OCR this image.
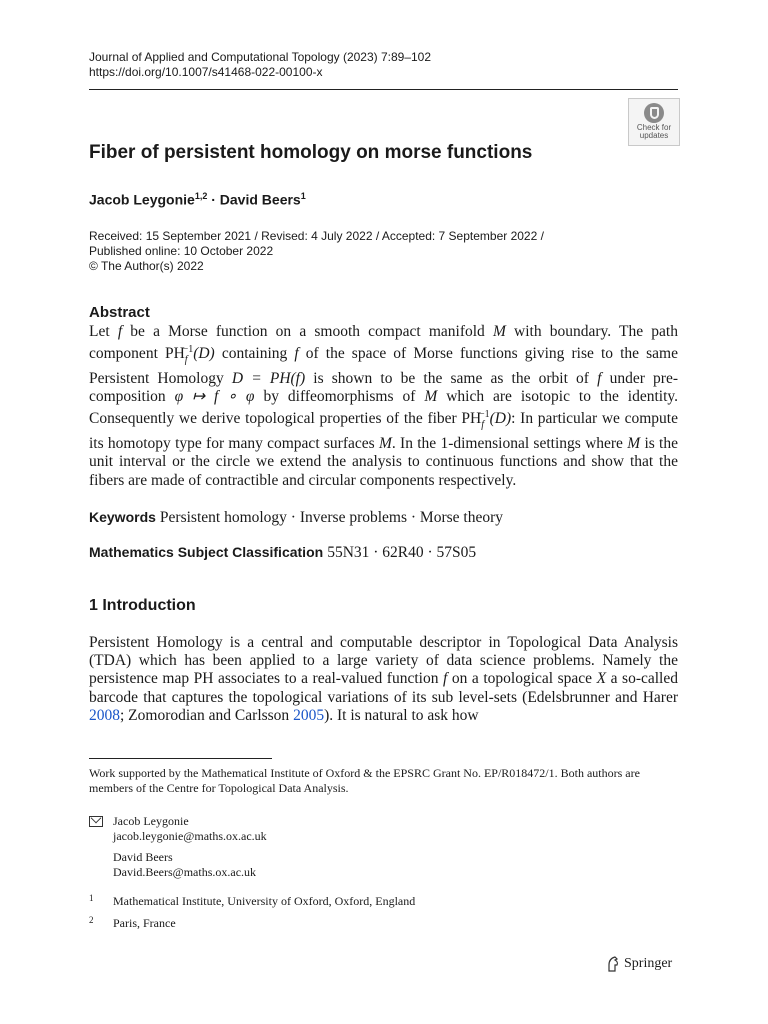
Journal of Applied and Computational Topology (2023) 7:89–102
https://doi.org/10.1007/s41468-022-00100-x
Check for
updates
Fiber of persistent homology on morse functions
Jacob Leygonie$^{1,2}$ · David Beers$^1$
Received: 15 September 2021 / Revised: 4 July 2022 / Accepted: 7 September 2022 /
Published online: 10 October 2022
© The Author(s) 2022
Abstract
Let f be a Morse function on a smooth compact manifold M with boundary. The path component $PH_f^{-1}(D)$ containing f of the space of Morse functions giving rise to the same Persistent Homology D = PH(f) is shown to be the same as the orbit of f under pre-composition φ ↦ f ∘ φ by diffeomorphisms of M which are isotopic to the identity. Consequently we derive topological properties of the fiber $PH_f^{-1}(D)$: In particular we compute its homotopy type for many compact surfaces M. In the 1-dimensional settings where M is the unit interval or the circle we extend the analysis to continuous functions and show that the fibers are made of contractible and circular components respectively.
Keywords Persistent homology · Inverse problems · Morse theory
Mathematics Subject Classification 55N31 · 62R40 · 57S05
1 Introduction
Persistent Homology is a central and computable descriptor in Topological Data Analysis (TDA) which has been applied to a large variety of data science problems. Namely the persistence map PH associates to a real-valued function f on a topological space X a so-called barcode that captures the topological variations of its sub level-sets (Edelsbrunner and Harer 2008; Zomorodian and Carlsson 2005). It is natural to ask how
Work supported by the Mathematical Institute of Oxford & the EPSRC Grant No. EP/R018472/1. Both authors are members of the Centre for Topological Data Analysis.
Jacob Leygonie
jacob.leygonie@maths.ox.ac.uk
David Beers
David.Beers@maths.ox.ac.uk
1 Mathematical Institute, University of Oxford, Oxford, England
2 Paris, France
Springer
